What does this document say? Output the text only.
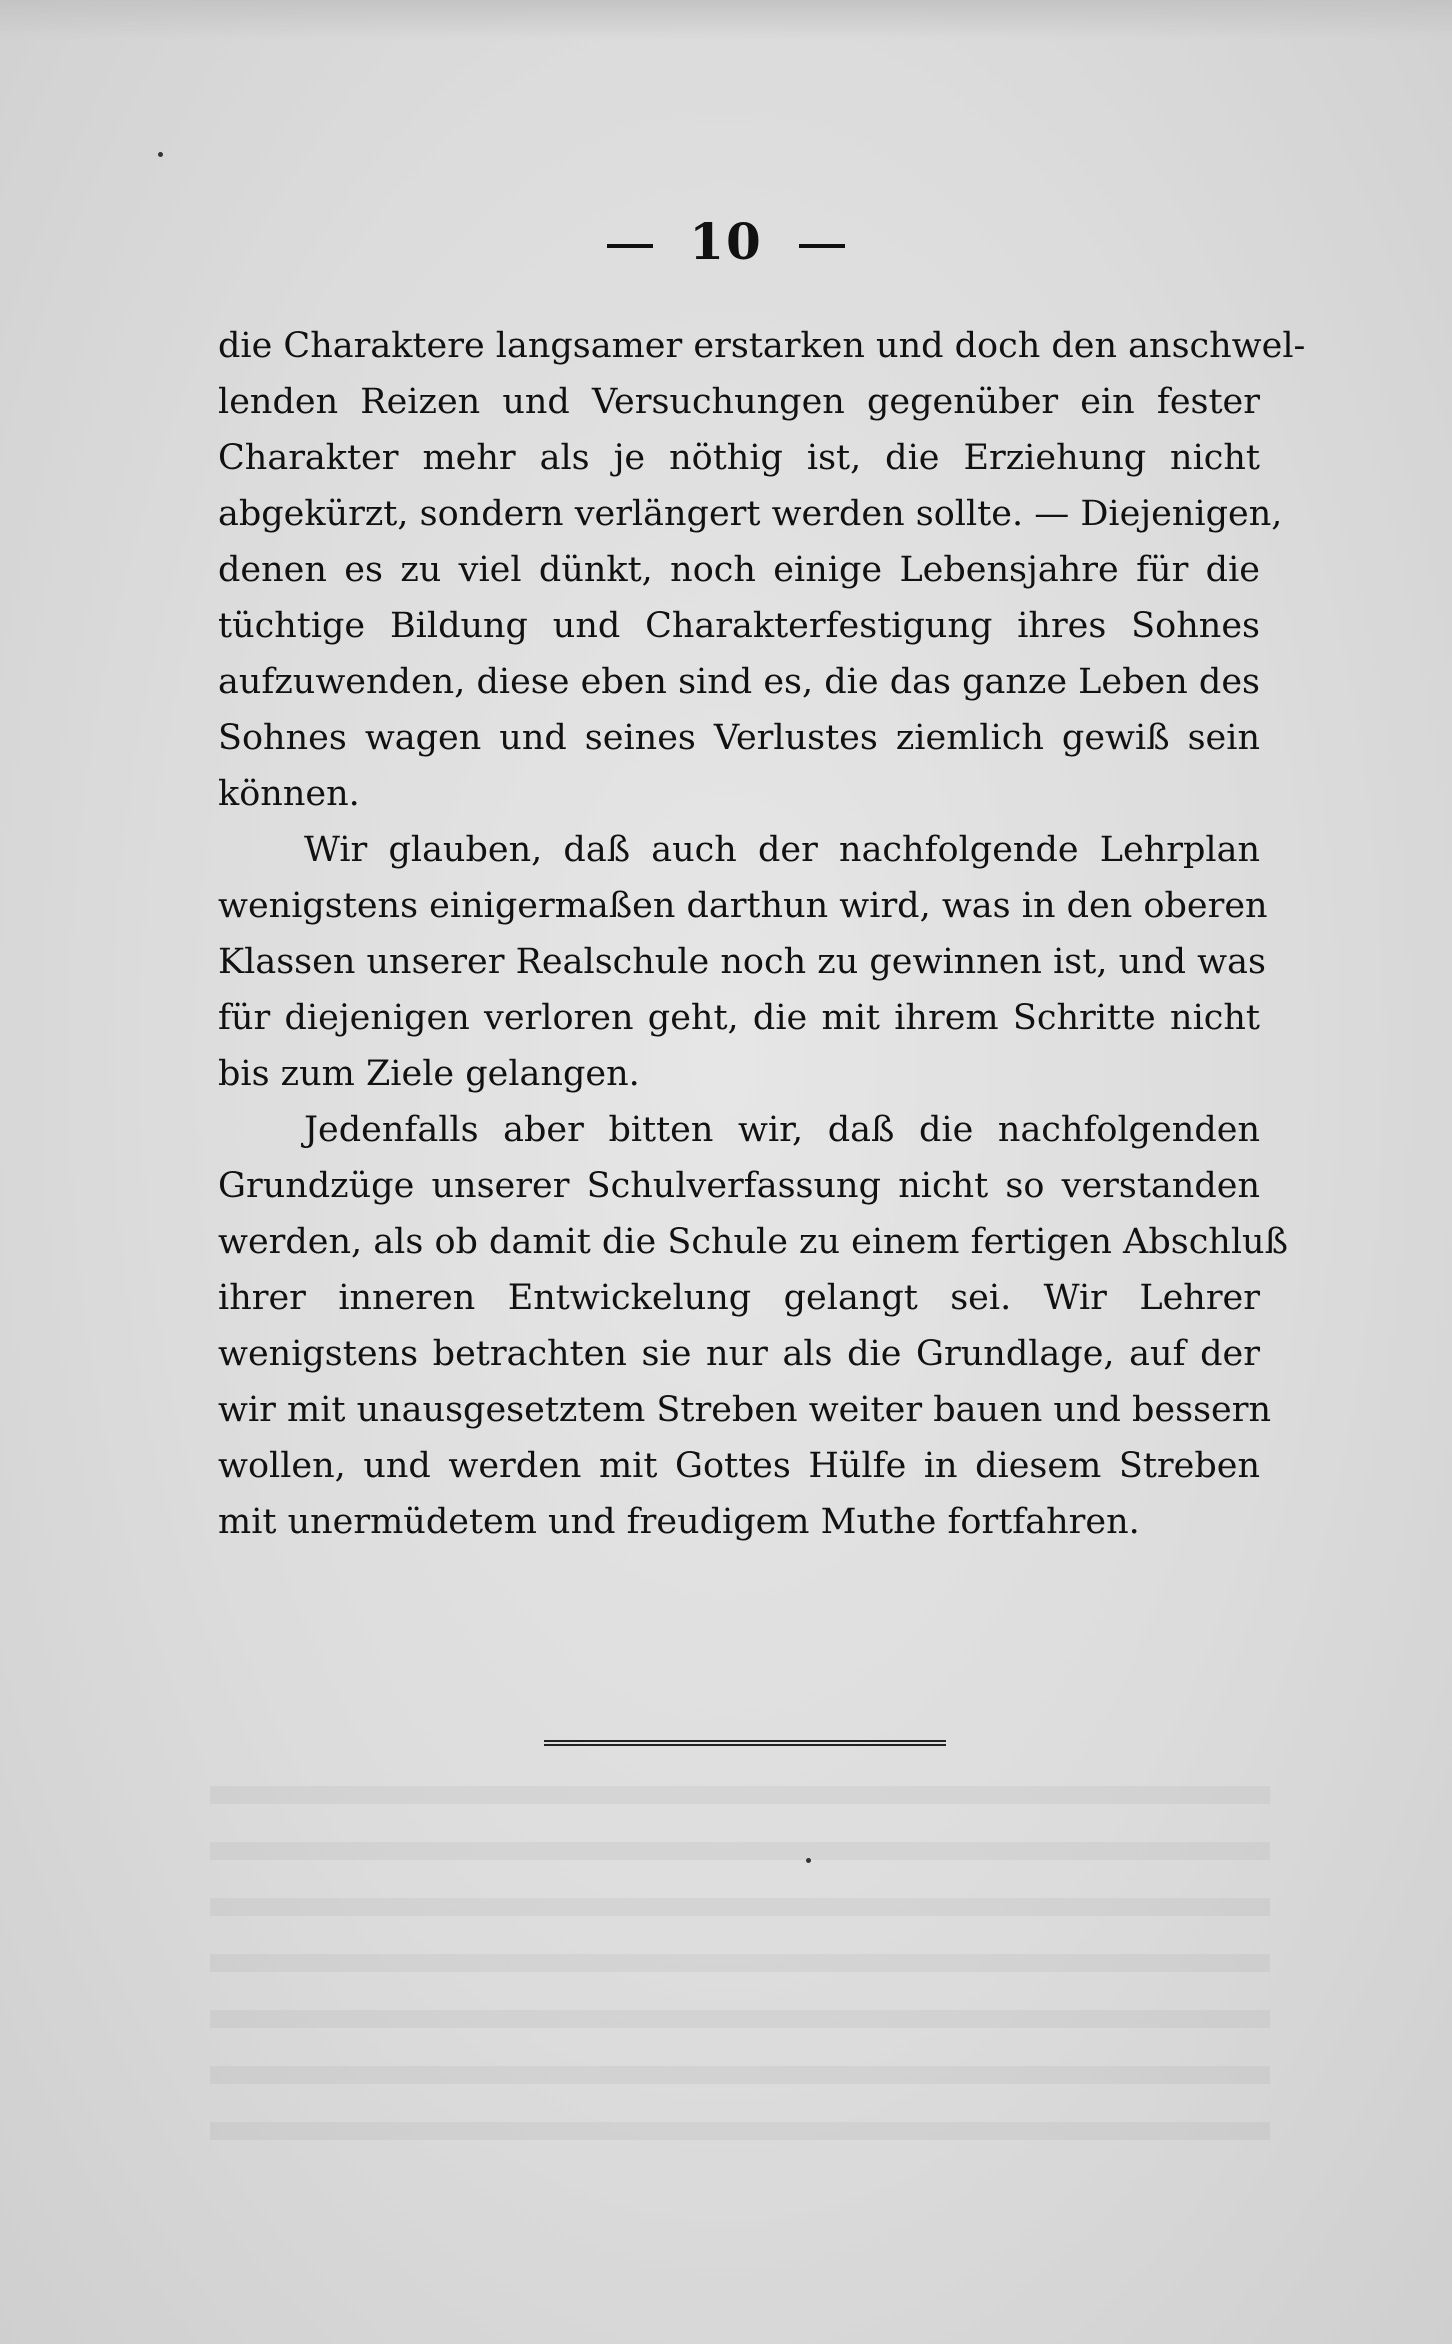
10
die Charaktere langsamer erstarken und doch den anschwel-
lenden Reizen und Versuchungen gegenüber ein fester
Charakter mehr als je nöthig ist, die Erziehung nicht
abgekürzt, sondern verlängert werden sollte. — Diejenigen,
denen es zu viel dünkt, noch einige Lebensjahre für die
tüchtige Bildung und Charakterfestigung ihres Sohnes
aufzuwenden, diese eben sind es, die das ganze Leben des
Sohnes wagen und seines Verlustes ziemlich gewiß sein
können.
Wir glauben, daß auch der nachfolgende Lehrplan
wenigstens einigermaßen darthun wird, was in den oberen
Klassen unserer Realschule noch zu gewinnen ist, und was
für diejenigen verloren geht, die mit ihrem Schritte nicht
bis zum Ziele gelangen.
Jedenfalls aber bitten wir, daß die nachfolgenden
Grundzüge unserer Schulverfassung nicht so verstanden
werden, als ob damit die Schule zu einem fertigen Abschluß
ihrer inneren Entwickelung gelangt sei. Wir Lehrer
wenigstens betrachten sie nur als die Grundlage, auf der
wir mit unausgesetztem Streben weiter bauen und bessern
wollen, und werden mit Gottes Hülfe in diesem Streben
mit unermüdetem und freudigem Muthe fortfahren.
